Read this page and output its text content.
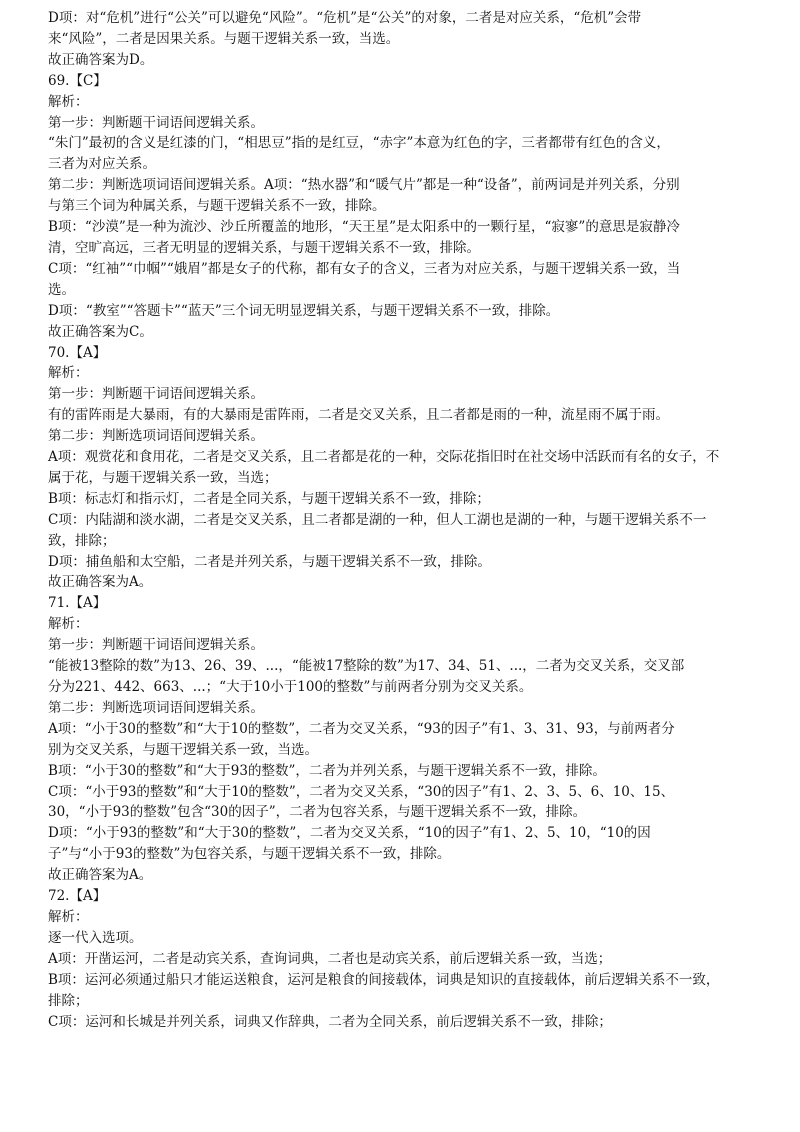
D项：对“危机”进行“公关”可以避免“风险”。“危机”是“公关”的对象，二者是对应关系，“危机”会带
来“风险”，二者是因果关系。与题干逻辑关系一致，当选。
故正确答案为D。
69.【C】
解析：
第一步：判断题干词语间逻辑关系。
“朱门”最初的含义是红漆的门，“相思豆”指的是红豆，“赤字”本意为红色的字，三者都带有红色的含义，
三者为对应关系。
第二步：判断选项词语间逻辑关系。A项：“热水器”和“暖气片”都是一种“设备”，前两词是并列关系，分别
与第三个词为种属关系，与题干逻辑关系不一致，排除。
B项：“沙漠”是一种为流沙、沙丘所覆盖的地形，“天王星”是太阳系中的一颗行星，“寂寥”的意思是寂静冷
清，空旷高远，三者无明显的逻辑关系，与题干逻辑关系不一致，排除。
C项：“红袖”“巾帼”“娥眉”都是女子的代称，都有女子的含义，三者为对应关系，与题干逻辑关系一致，当
选。
D项：“教室”“答题卡”“蓝天”三个词无明显逻辑关系，与题干逻辑关系不一致，排除。
故正确答案为C。
70.【A】
解析：
第一步：判断题干词语间逻辑关系。
有的雷阵雨是大暴雨，有的大暴雨是雷阵雨，二者是交叉关系，且二者都是雨的一种，流星雨不属于雨。
第二步：判断选项词语间逻辑关系。
A项：观赏花和食用花，二者是交叉关系，且二者都是花的一种，交际花指旧时在社交场中活跃而有名的女子，不
属于花，与题干逻辑关系一致，当选；
B项：标志灯和指示灯，二者是全同关系，与题干逻辑关系不一致，排除；
C项：内陆湖和淡水湖，二者是交叉关系，且二者都是湖的一种，但人工湖也是湖的一种，与题干逻辑关系不一
致，排除；
D项：捕鱼船和太空船，二者是并列关系，与题干逻辑关系不一致，排除。
故正确答案为A。
71.【A】
解析：
第一步：判断题干词语间逻辑关系。
“能被13整除的数”为13、26、39、...，“能被17整除的数”为17、34、51、...，二者为交叉关系，交叉部
分为221、442、663、...；“大于10小于100的整数”与前两者分别为交叉关系。
第二步：判断选项词语间逻辑关系。
A项：“小于30的整数”和“大于10的整数”，二者为交叉关系，“93的因子”有1、3、31、93，与前两者分
别为交叉关系，与题干逻辑关系一致，当选。
B项：“小于30的整数”和“大于93的整数”，二者为并列关系，与题干逻辑关系不一致，排除。
C项：“小于93的整数”和“大于10的整数”，二者为交叉关系，“30的因子”有1、2、3、5、6、10、15、
30，“小于93的整数”包含“30的因子”，二者为包容关系，与题干逻辑关系不一致，排除。
D项：“小于93的整数”和“大于30的整数”，二者为交叉关系，“10的因子”有1、2、5、10，“10的因
子”与“小于93的整数”为包容关系，与题干逻辑关系不一致，排除。
故正确答案为A。
72.【A】
解析：
逐一代入选项。
A项：开凿运河，二者是动宾关系，查询词典，二者也是动宾关系，前后逻辑关系一致，当选；
B项：运河必须通过船只才能运送粮食，运河是粮食的间接载体，词典是知识的直接载体，前后逻辑关系不一致，
排除；
C项：运河和长城是并列关系，词典又作辞典，二者为全同关系，前后逻辑关系不一致，排除；
